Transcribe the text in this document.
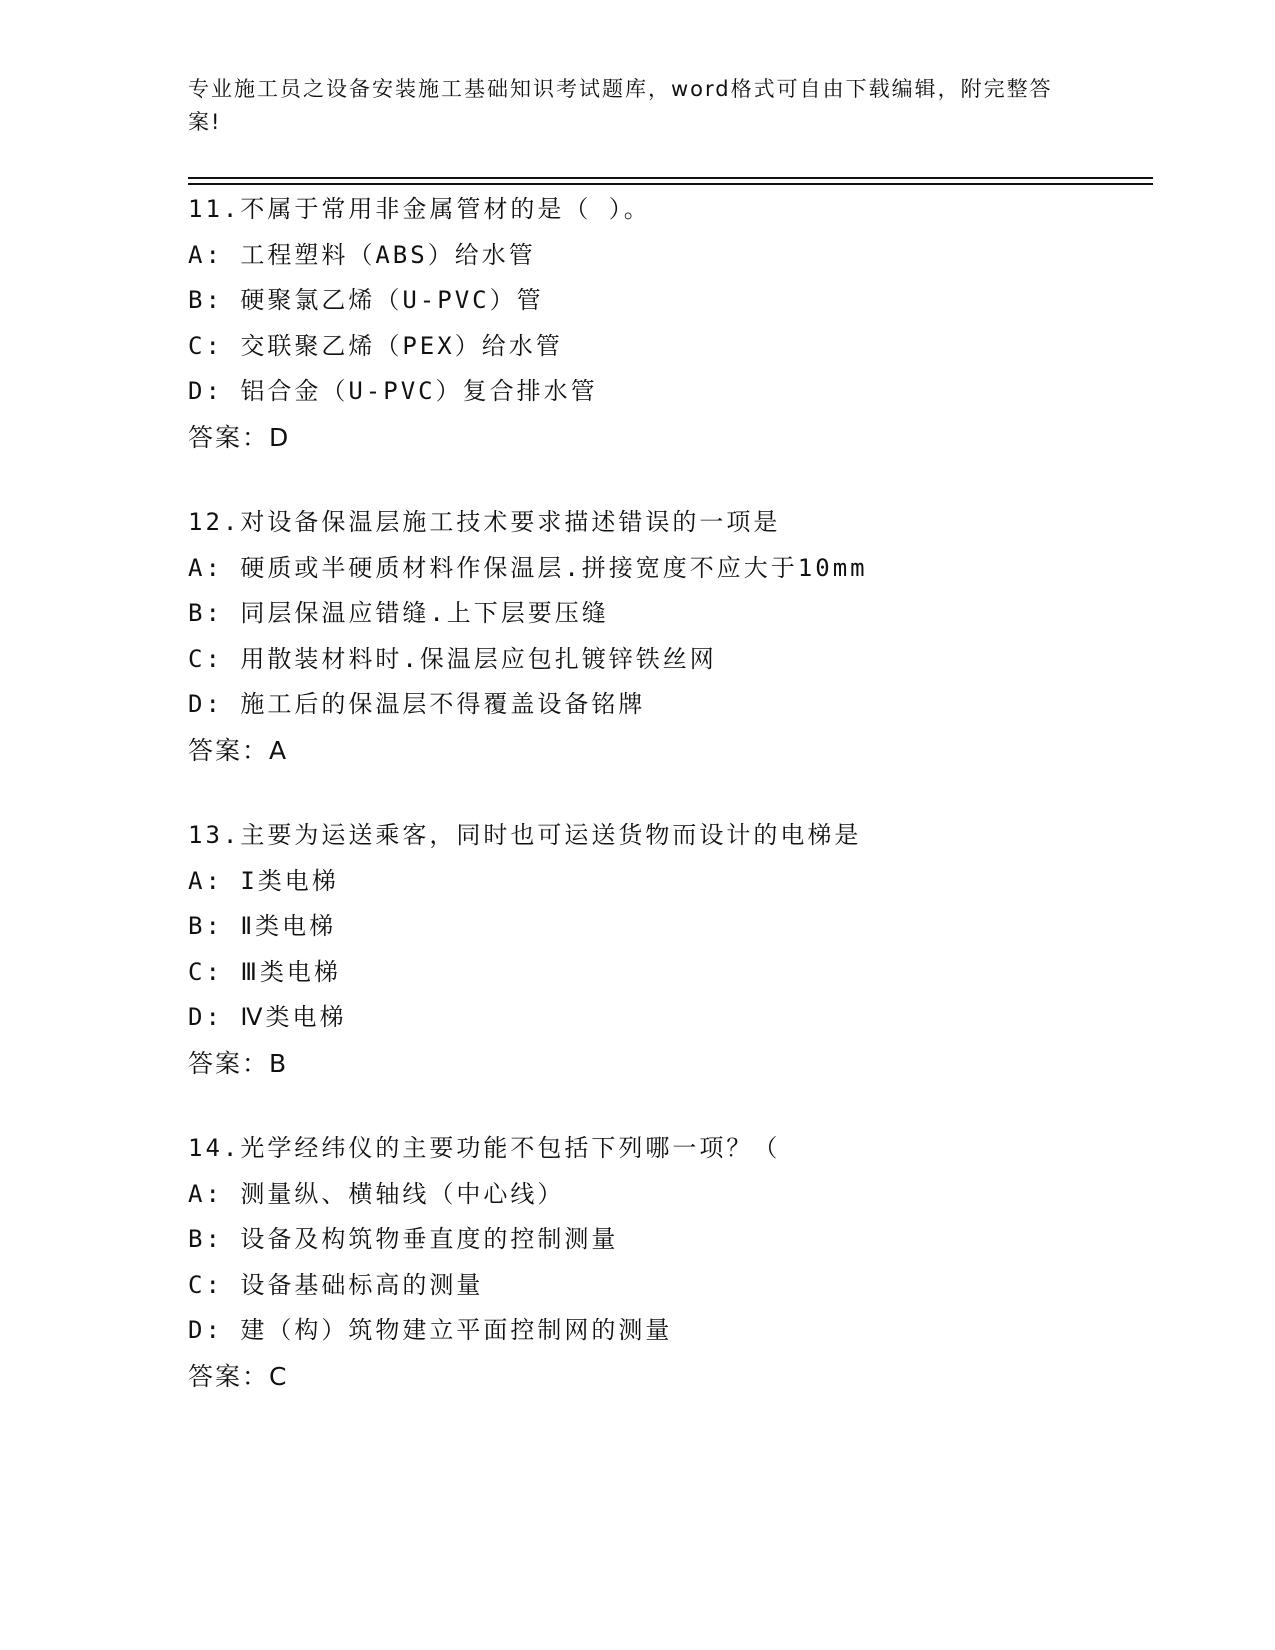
专业施工员之设备安装施工基础知识考试题库，word格式可自由下载编辑，附完整答案!
11.不属于常用非金属管材的是（ ）。
A: 工程塑料（ABS）给水管
B: 硬聚氯乙烯（U-PVC）管
C: 交联聚乙烯（PEX）给水管
D: 铝合金（U-PVC）复合排水管
答案：D
12.对设备保温层施工技术要求描述错误的一项是
A: 硬质或半硬质材料作保温层.拼接宽度不应大于10mm
B: 同层保温应错缝.上下层要压缝
C: 用散装材料时.保温层应包扎镀锌铁丝网
D: 施工后的保温层不得覆盖设备铭牌
答案：A
13.主要为运送乘客，同时也可运送货物而设计的电梯是
A: I类电梯
B: Ⅱ类电梯
C: Ⅲ类电梯
D: Ⅳ类电梯
答案：B
14.光学经纬仪的主要功能不包括下列哪一项？（
A: 测量纵、横轴线（中心线）
B: 设备及构筑物垂直度的控制测量
C: 设备基础标高的测量
D: 建（构）筑物建立平面控制网的测量
答案：C
